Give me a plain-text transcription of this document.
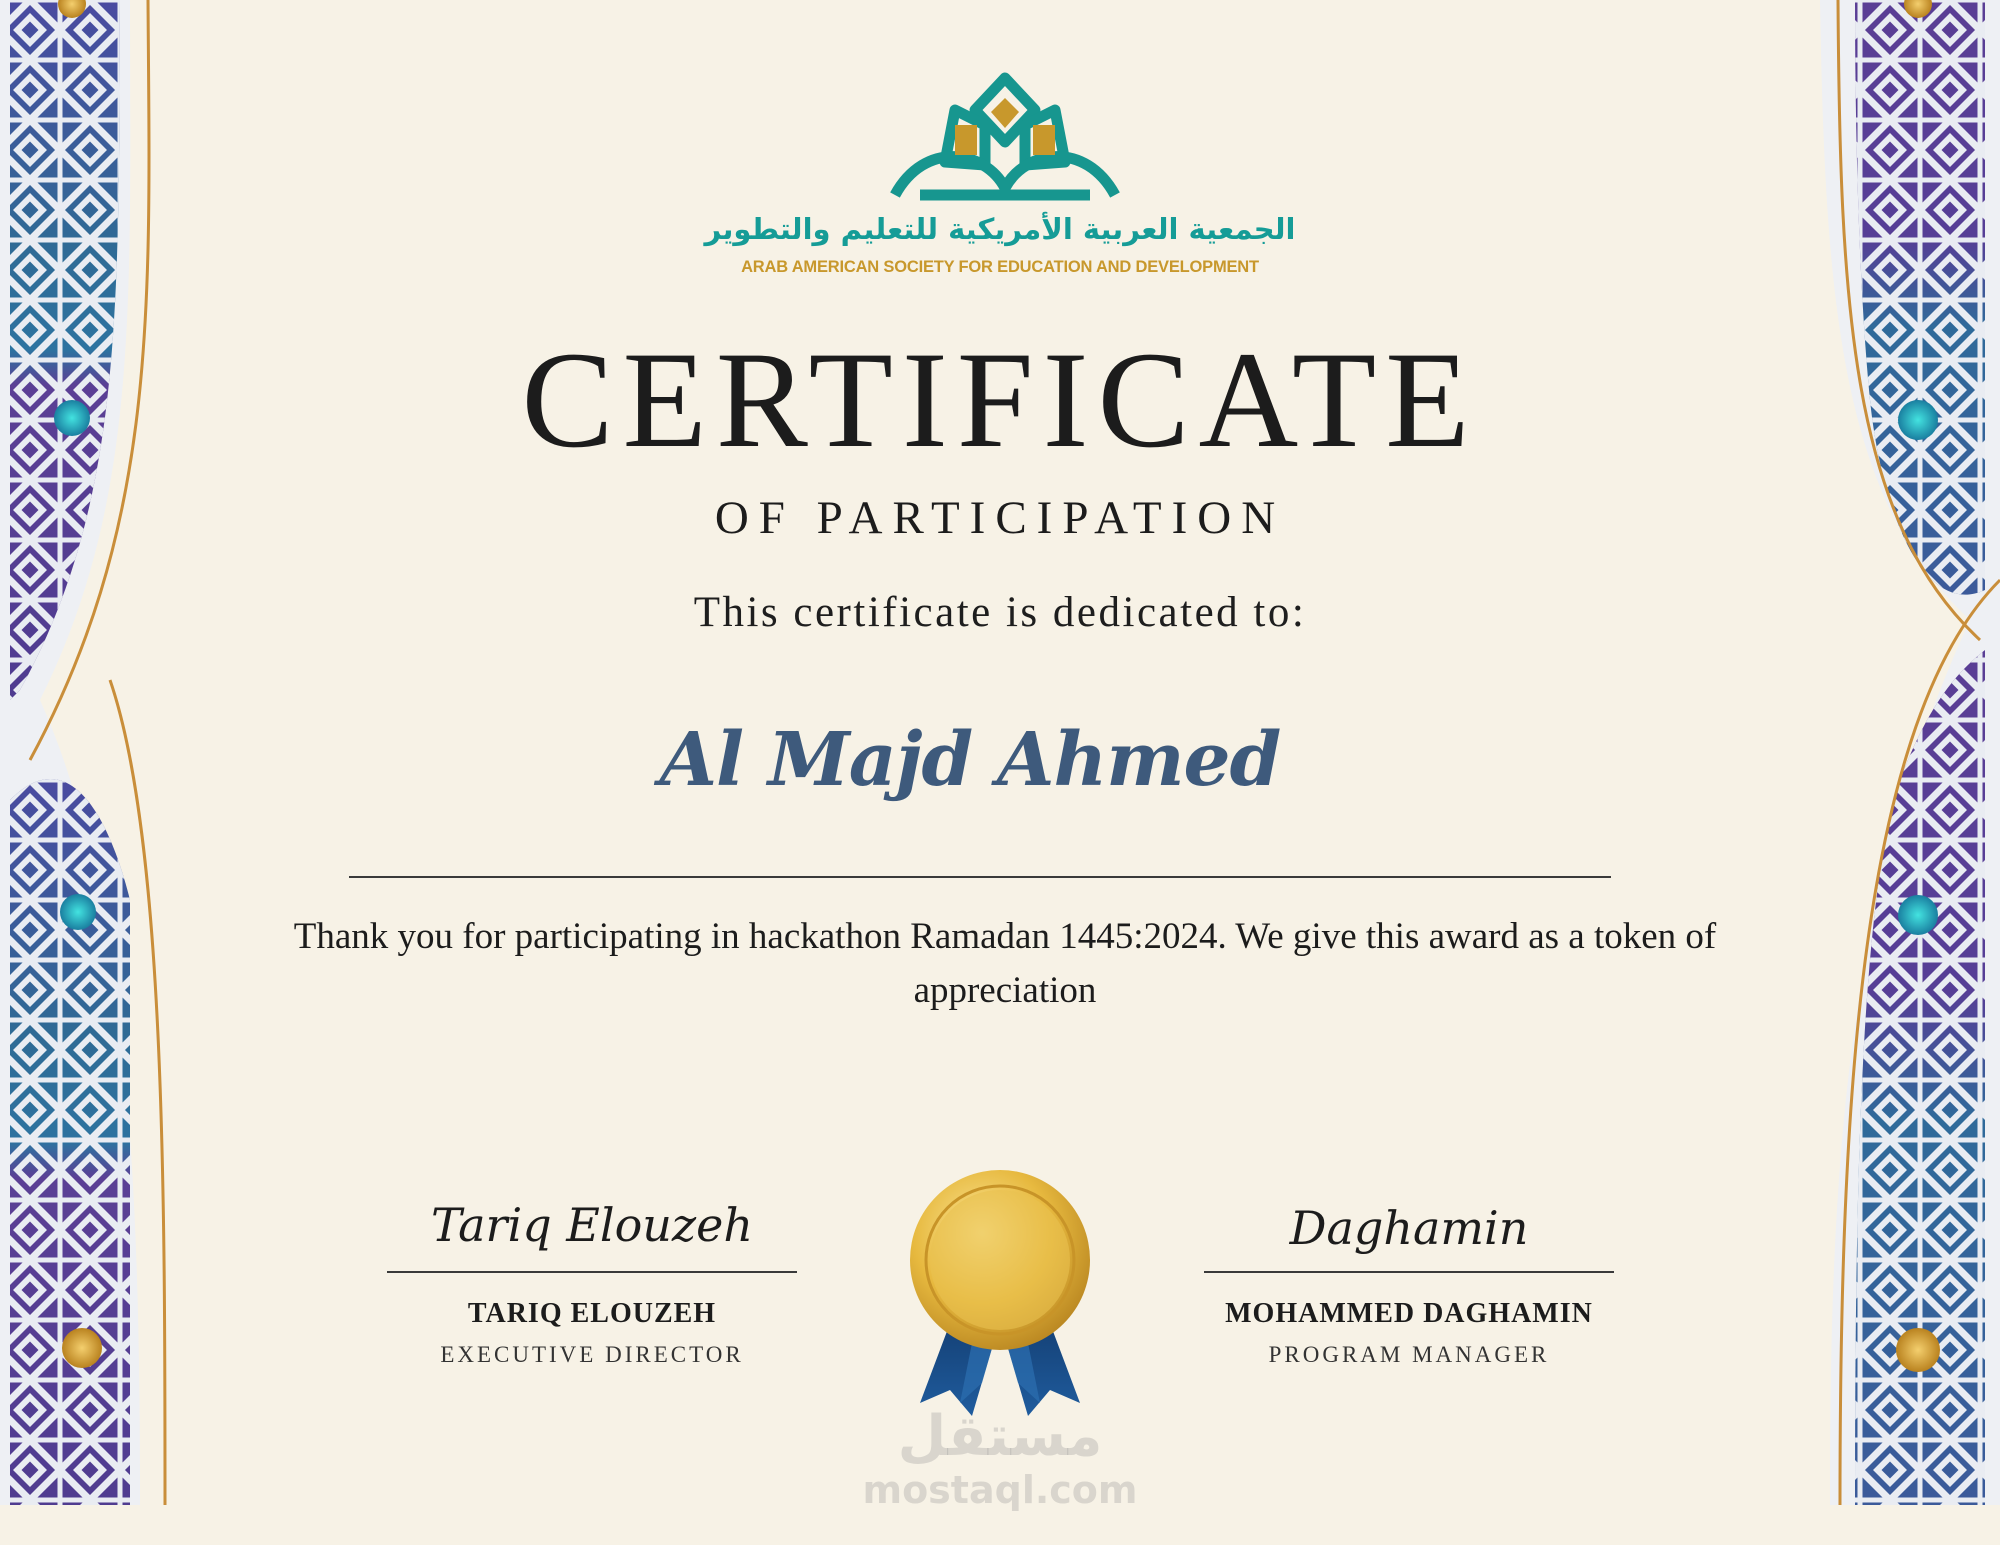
الجمعية العربية الأمريكية للتعليم والتطوير
ARAB AMERICAN SOCIETY FOR EDUCATION AND DEVELOPMENT
CERTIFICATE
OF PARTICIPATION
This certificate is dedicated to:
Al Majd Ahmed
Thank you for participating in hackathon Ramadan 1445:2024. We give this award as a token of appreciation
Tariq Elouzeh
TARIQ ELOUZEH
EXECUTIVE DIRECTOR
Daghamin
MOHAMMED DAGHAMIN
PROGRAM MANAGER
مستقل
mostaql.com
